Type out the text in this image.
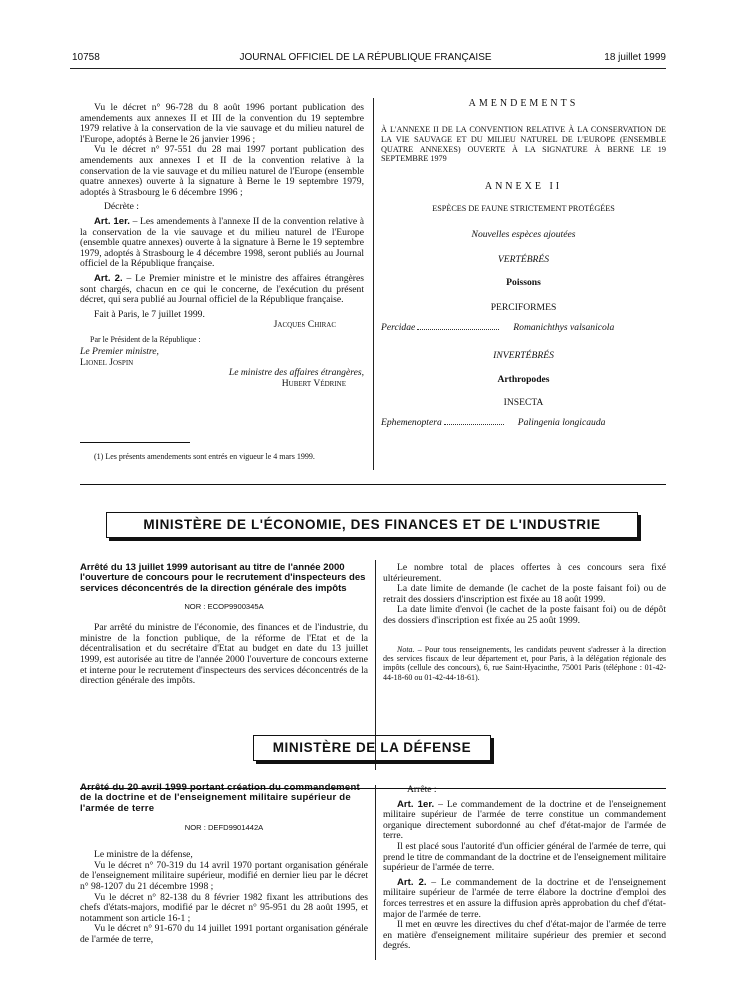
10758	JOURNAL OFFICIEL DE LA RÉPUBLIQUE FRANÇAISE	18 juillet 1999

Vu le décret n° 96-728 du 8 août 1996 portant publication des amendements aux annexes II et III de la convention du 19 septembre 1979 relative à la conservation de la vie sauvage et du milieu naturel de l'Europe, adoptés à Berne le 26 janvier 1996 ;

Vu le décret n° 97-551 du 28 mai 1997 portant publication des amendements aux annexes I et II de la convention relative à la conservation de la vie sauvage et du milieu naturel de l'Europe (ensemble quatre annexes) ouverte à la signature à Berne le 19 septembre 1979, adoptés à Strasbourg le 6 décembre 1996 ;

Décrète :

Art. 1er. – Les amendements à l'annexe II de la convention relative à la conservation de la vie sauvage et du milieu naturel de l'Europe (ensemble quatre annexes) ouverte à la signature à Berne le 19 septembre 1979, adoptés à Strasbourg le 4 décembre 1998, seront publiés au Journal officiel de la République française.

Art. 2. – Le Premier ministre et le ministre des affaires étrangères sont chargés, chacun en ce qui le concerne, de l'exécution du présent décret, qui sera publié au Journal officiel de la République française.

Fait à Paris, le 7 juillet 1999.

Jacques Chirac
Par le Président de la République :
Le Premier ministre,
Lionel Jospin
Le ministre des affaires étrangères,
Hubert Védrine

(1) Les présents amendements sont entrés en vigueur le 4 mars 1999.

AMENDEMENTS
À L'ANNEXE II DE LA CONVENTION RELATIVE À LA CONSERVATION DE LA VIE SAUVAGE ET DU MILIEU NATUREL DE L'EUROPE (ENSEMBLE QUATRE ANNEXES) OUVERTE À LA SIGNATURE À BERNE LE 19 SEPTEMBRE 1979
ANNEXE II
ESPÈCES DE FAUNE STRICTEMENT PROTÉGÉES
Nouvelles espèces ajoutées
VERTÉBRÉS
Poissons
PERCIFORMES
Percidae	Romanichthys valsanicola
INVERTÉBRÉS
Arthropodes
INSECTA
Ephemenoptera	Palingenia longicauda
MINISTÈRE DE L'ÉCONOMIE, DES FINANCES ET DE L'INDUSTRIE
Arrêté du 13 juillet 1999 autorisant au titre de l'année 2000 l'ouverture de concours pour le recrutement d'inspecteurs des services déconcentrés de la direction générale des impôts
NOR : ECOP9900345A

Par arrêté du ministre de l'économie, des finances et de l'industrie, du ministre de la fonction publique, de la réforme de l'Etat et de la décentralisation et du secrétaire d'Etat au budget en date du 13 juillet 1999, est autorisée au titre de l'année 2000 l'ouverture de concours externe et interne pour le recrutement d'inspecteurs des services déconcentrés de la direction générale des impôts.

Le nombre total de places offertes à ces concours sera fixé ultérieurement.

La date limite de demande (le cachet de la poste faisant foi) ou de retrait des dossiers d'inscription est fixée au 18 août 1999.

La date limite d'envoi (le cachet de la poste faisant foi) ou de dépôt des dossiers d'inscription est fixée au 25 août 1999.

Nota. – Pour tous renseignements, les candidats peuvent s'adresser à la direction des services fiscaux de leur département et, pour Paris, à la délégation régionale des impôts (cellule des concours), 6, rue Saint-Hyacinthe, 75001 Paris (téléphone : 01-42-44-18-60 ou 01-42-44-18-61).

MINISTÈRE DE LA DÉFENSE
Arrêté du 20 avril 1999 portant création du commandement de la doctrine et de l'enseignement militaire supérieur de l'armée de terre
NOR : DEFD9901442A

Le ministre de la défense,

Vu le décret n° 70-319 du 14 avril 1970 portant organisation générale de l'enseignement militaire supérieur, modifié en dernier lieu par le décret n° 98-1207 du 21 décembre 1998 ;

Vu le décret n° 82-138 du 8 février 1982 fixant les attributions des chefs d'états-majors, modifié par le décret n° 95-951 du 28 août 1995, et notamment son article 16-1 ;

Vu le décret n° 91-670 du 14 juillet 1991 portant organisation générale de l'armée de terre,

Arrête :

Art. 1er. – Le commandement de la doctrine et de l'enseignement militaire supérieur de l'armée de terre constitue un commandement organique directement subordonné au chef d'état-major de l'armée de terre.

Il est placé sous l'autorité d'un officier général de l'armée de terre, qui prend le titre de commandant de la doctrine et de l'enseignement militaire supérieur de l'armée de terre.

Art. 2. – Le commandement de la doctrine et de l'enseignement militaire supérieur de l'armée de terre élabore la doctrine d'emploi des forces terrestres et en assure la diffusion après approbation du chef d'état-major de l'armée de terre.

Il met en œuvre les directives du chef d'état-major de l'armée de terre en matière d'enseignement militaire supérieur des premier et second degrés.
